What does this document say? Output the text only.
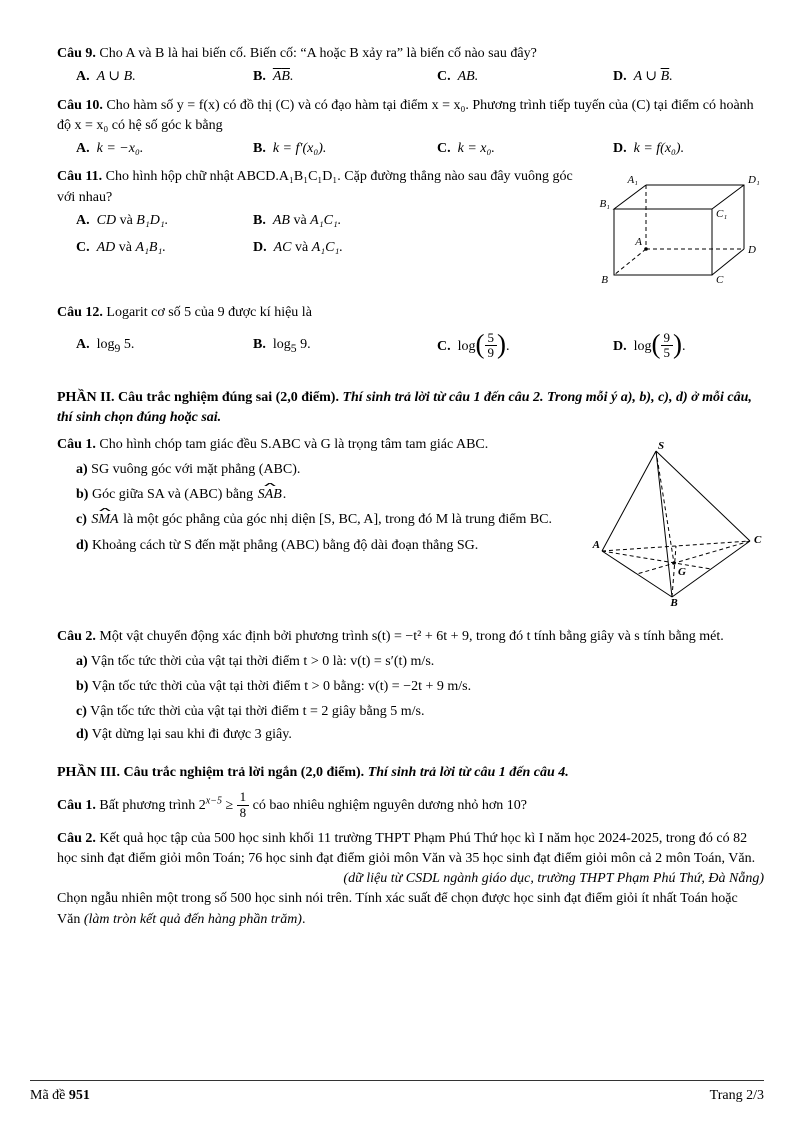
Câu 9. Cho A và B là hai biến cố. Biến cố: “A hoặc B xảy ra” là biến cố nào sau đây?

A. A ∪ B.	B. $\overline{A}\overline{B}$.	C. AB.	D. A ∪ $\overline{B}$.

Câu 10. Cho hàm số y = f(x) có đồ thị (C) và có đạo hàm tại điểm x = x₀. Phương trình tiếp tuyến của (C) tại điểm có hoành độ x = x₀ có hệ số góc k bằng

A. k = −x₀.	B. k = f′(x₀).	C. k = x₀.	D. k = f(x₀).
A₁	D₁
B₁
C₁
A
D
B	C

Câu 11. Cho hình hộp chữ nhật ABCD.A₁B₁C₁D₁. Cặp đường thẳng nào sau đây vuông góc với nhau?

A. CD và B₁D₁.	B. AB và A₁C₁.
C. AD và A₁B₁.	D. AC và A₁C₁.

Câu 12. Logarit cơ số 5 của 9 được kí hiệu là

A. $\log_9 5$.	B. $\log_5 9$.	C. $\log( \frac{5}{9}$ ).	D. $\log( \frac{9}{5}$ ).

PHẦN II. Câu trắc nghiệm đúng sai (2,0 điểm). Thí sinh trả lời từ câu 1 đến câu 2. Trong mỗi ý a), b), c), d) ở mỗi câu, thí sinh chọn đúng hoặc sai.

S
A	C
B
G

Câu 1. Cho hình chóp tam giác đều S.ABC và G là trọng tâm tam giác ABC.

a) SG vuông góc với mặt phẳng (ABC).

b) Góc giữa SA và (ABC) bằng ∧ SAB.

c) ∧ SMA là một góc phẳng của góc nhị diện [S, BC, A], trong đó M là trung điểm BC.

d) Khoảng cách từ S đến mặt phẳng (ABC) bằng độ dài đoạn thẳng SG.

Câu 2. Một vật chuyển động xác định bởi phương trình s(t) = −t² + 6t + 9, trong đó t tính bằng giây và s tính bằng mét.

a) Vận tốc tức thời của vật tại thời điểm t > 0 là: v(t) = s′(t) m/s.

b) Vận tốc tức thời của vật tại thời điểm t > 0 bằng: v(t) = −2t + 9 m/s.

c) Vận tốc tức thời của vật tại thời điểm t = 2 giây bằng 5 m/s.

d) Vật dừng lại sau khi đi được 3 giây.

PHẦN III. Câu trắc nghiệm trả lời ngắn (2,0 điểm). Thí sinh trả lời từ câu 1 đến câu 4.

Câu 1. Bất phương trình $2^{x-5} \ge \frac{1}{8}$ có bao nhiêu nghiệm nguyên dương nhỏ hơn 10?

Câu 2. Kết quả học tập của 500 học sinh khối 11 trường THPT Phạm Phú Thứ học kì I năm học 2024-2025, trong đó có 82 học sinh đạt điểm giỏi môn Toán; 76 học sinh đạt điểm giỏi môn Văn và 35 học sinh đạt điểm giỏi môn cả 2 môn Toán, Văn.

(dữ liệu từ CSDL ngành giáo dục, trường THPT Phạm Phú Thứ, Đà Nẵng)

Chọn ngẫu nhiên một trong số 500 học sinh nói trên. Tính xác suất để chọn được học sinh đạt điểm giỏi ít nhất Toán hoặc Văn (làm tròn kết quả đến hàng phần trăm).

Mã đề 951	Trang 2/3
